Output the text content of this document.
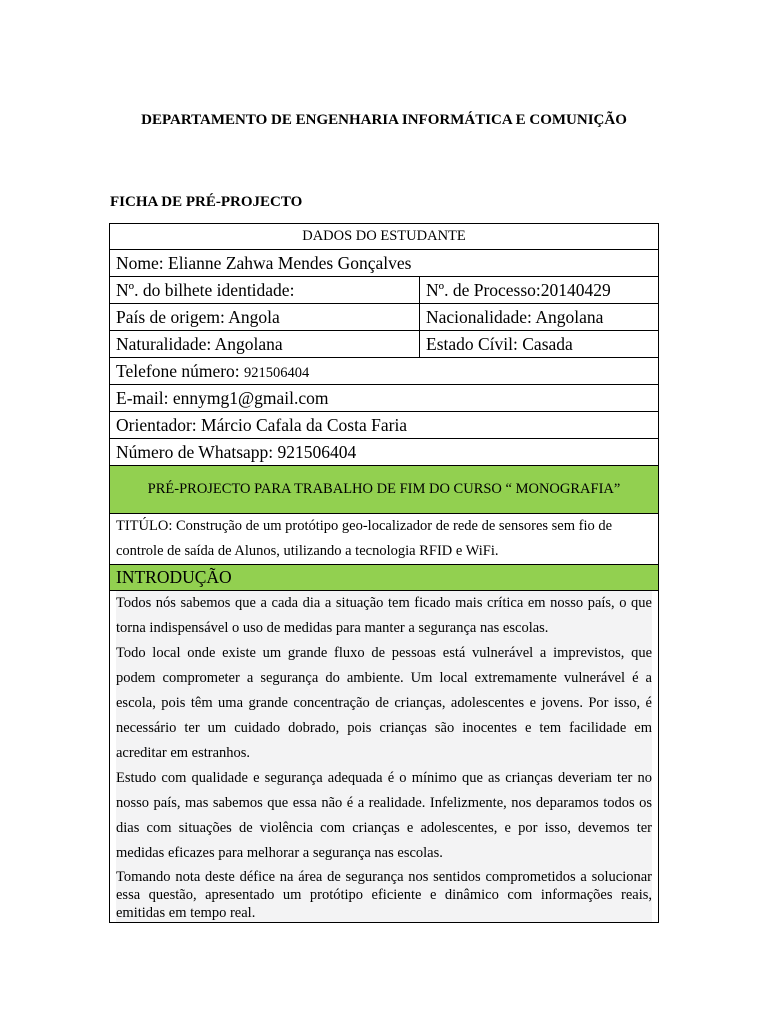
DEPARTAMENTO DE ENGENHARIA INFORMÁTICA E COMUNIÇÃO
FICHA DE PRÉ-PROJECTO
DADOS DO ESTUDANTE	
Nome: Elianne Zahwa Mendes Gonçalves	
Nº. do bilhete identidade:	Nº. de Processo:20140429
País de origem: Angola	Nacionalidade: Angolana
Naturalidade: Angolana	Estado Cívil: Casada
Telefone número: 921506404	
E-mail: ennymg1@gmail.com	
Orientador: Márcio Cafala da Costa Faria	
Número de Whatsapp: 921506404	
PRÉ-PROJECTO PARA TRABALHO DE FIM DO CURSO “ MONOGRAFIA”	
TITÚLO: Construção de um protótipo geo-localizador de rede de sensores sem fio de controle de saída de Alunos, utilizando a tecnologia RFID e WiFi.	
INTRODUÇÃO	

Todos nós sabemos que a cada dia a situação tem ficado mais crítica em nosso país, o que torna indispensável o uso de medidas para manter a segurança nas escolas.

Todo local onde existe um grande fluxo de pessoas está vulnerável a imprevistos, que podem comprometer a segurança do ambiente. Um local extremamente vulnerável é a escola, pois têm uma grande concentração de crianças, adolescentes e jovens. Por isso, é necessário ter um cuidado dobrado, pois crianças são inocentes e tem facilidade em acreditar em estranhos.

Estudo com qualidade e segurança adequada é o mínimo que as crianças deveriam ter no nosso país, mas sabemos que essa não é a realidade. Infelizmente, nos deparamos todos os dias com situações de violência com crianças e adolescentes, e por isso, devemos ter medidas eficazes para melhorar a segurança nas escolas.

Tomando nota deste défice na área de segurança nos sentidos comprometidos a solucionar essa questão, apresentado um protótipo eficiente e dinâmico com informações reais, emitidas em tempo real.	
